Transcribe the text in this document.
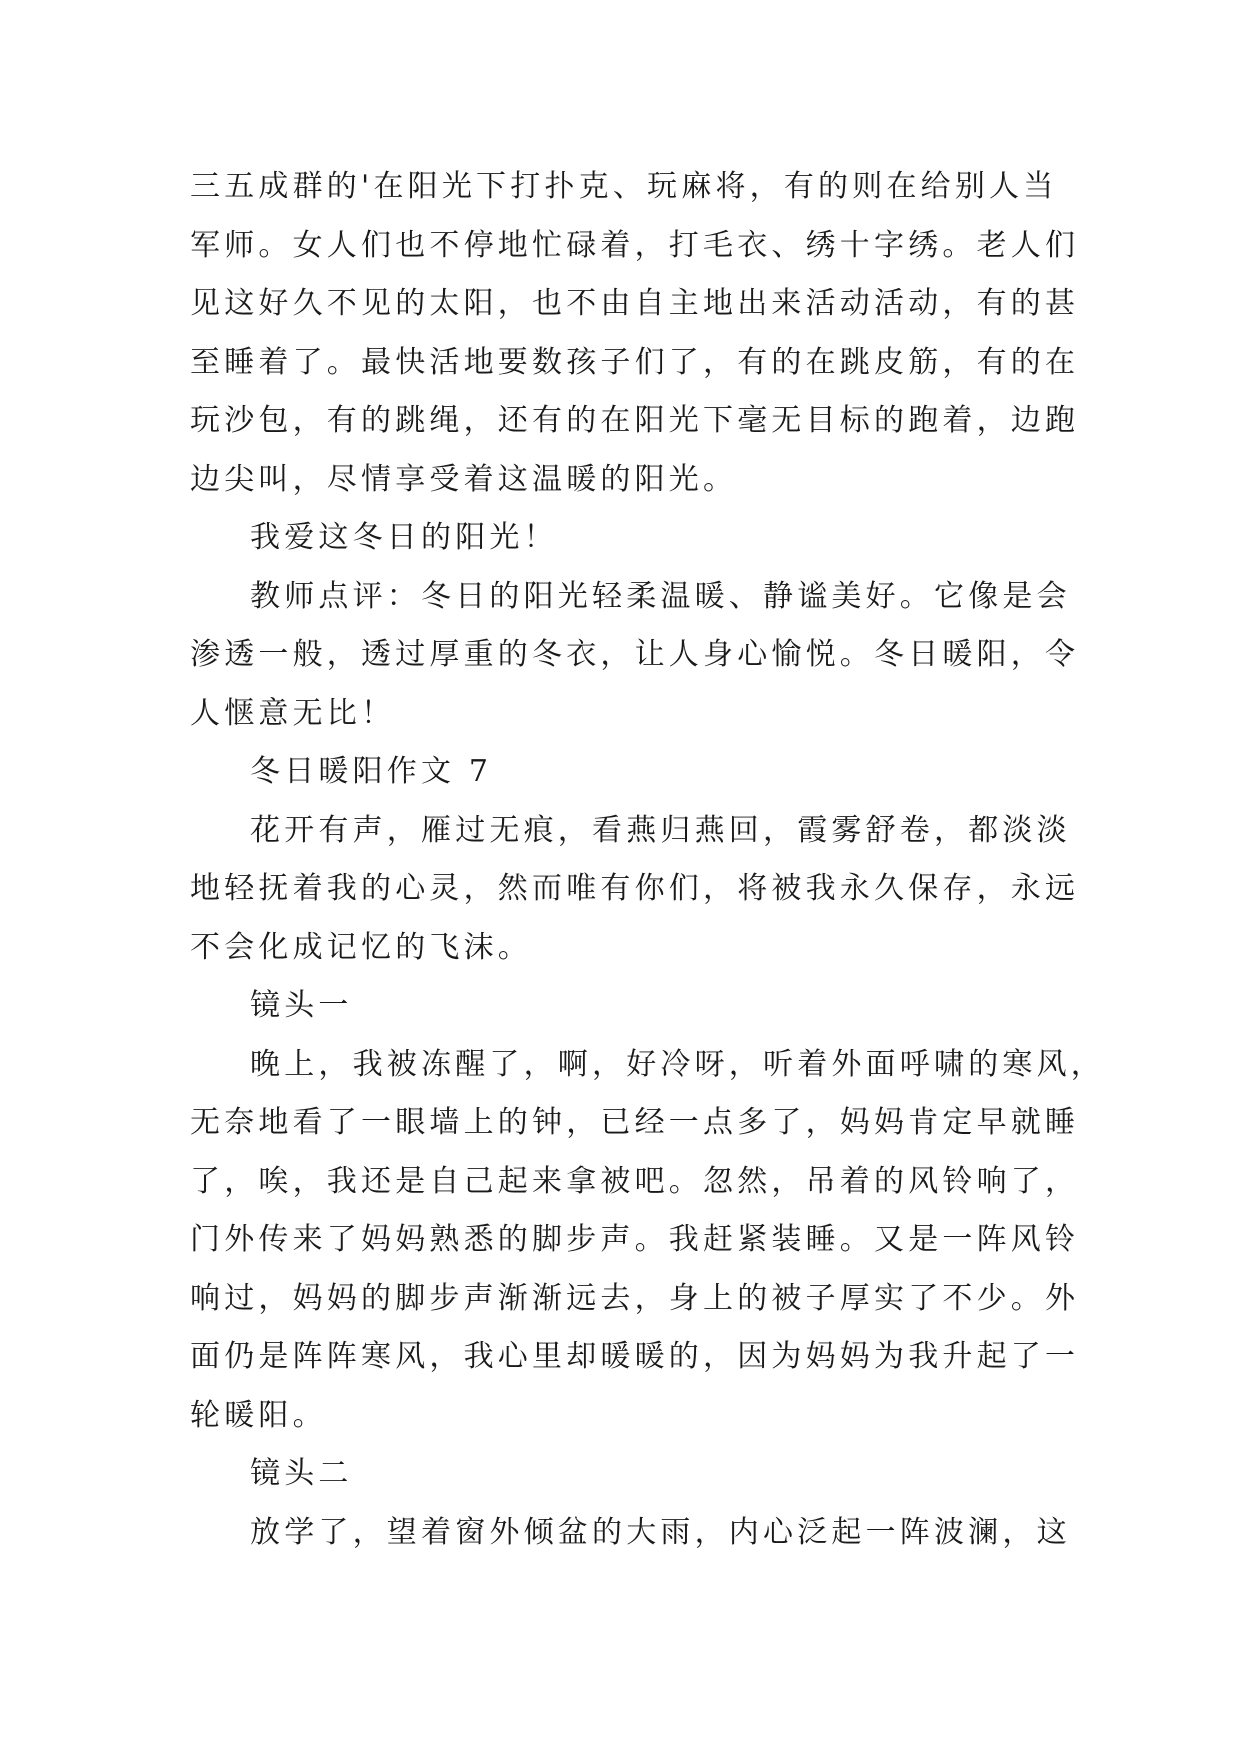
三五成群的'在阳光下打扑克、玩麻将，有的则在给别人当
军师。女人们也不停地忙碌着，打毛衣、绣十字绣。老人们
见这好久不见的太阳，也不由自主地出来活动活动，有的甚
至睡着了。最快活地要数孩子们了，有的在跳皮筋，有的在
玩沙包，有的跳绳，还有的在阳光下毫无目标的跑着，边跑
边尖叫，尽情享受着这温暖的阳光。
我爱这冬日的阳光！
教师点评：冬日的阳光轻柔温暖、静谧美好。它像是会
渗透一般，透过厚重的冬衣，让人身心愉悦。冬日暖阳，令
人惬意无比！
冬日暖阳作文 7
花开有声，雁过无痕，看燕归燕回，霞雾舒卷，都淡淡
地轻抚着我的心灵，然而唯有你们，将被我永久保存，永远
不会化成记忆的飞沫。
镜头一
晚上，我被冻醒了，啊，好冷呀，听着外面呼啸的寒风，
无奈地看了一眼墙上的钟，已经一点多了，妈妈肯定早就睡
了，唉，我还是自己起来拿被吧。忽然，吊着的风铃响了，
门外传来了妈妈熟悉的脚步声。我赶紧装睡。又是一阵风铃
响过，妈妈的脚步声渐渐远去，身上的被子厚实了不少。外
面仍是阵阵寒风，我心里却暖暖的，因为妈妈为我升起了一
轮暖阳。
镜头二
放学了，望着窗外倾盆的大雨，内心泛起一阵波澜，这
